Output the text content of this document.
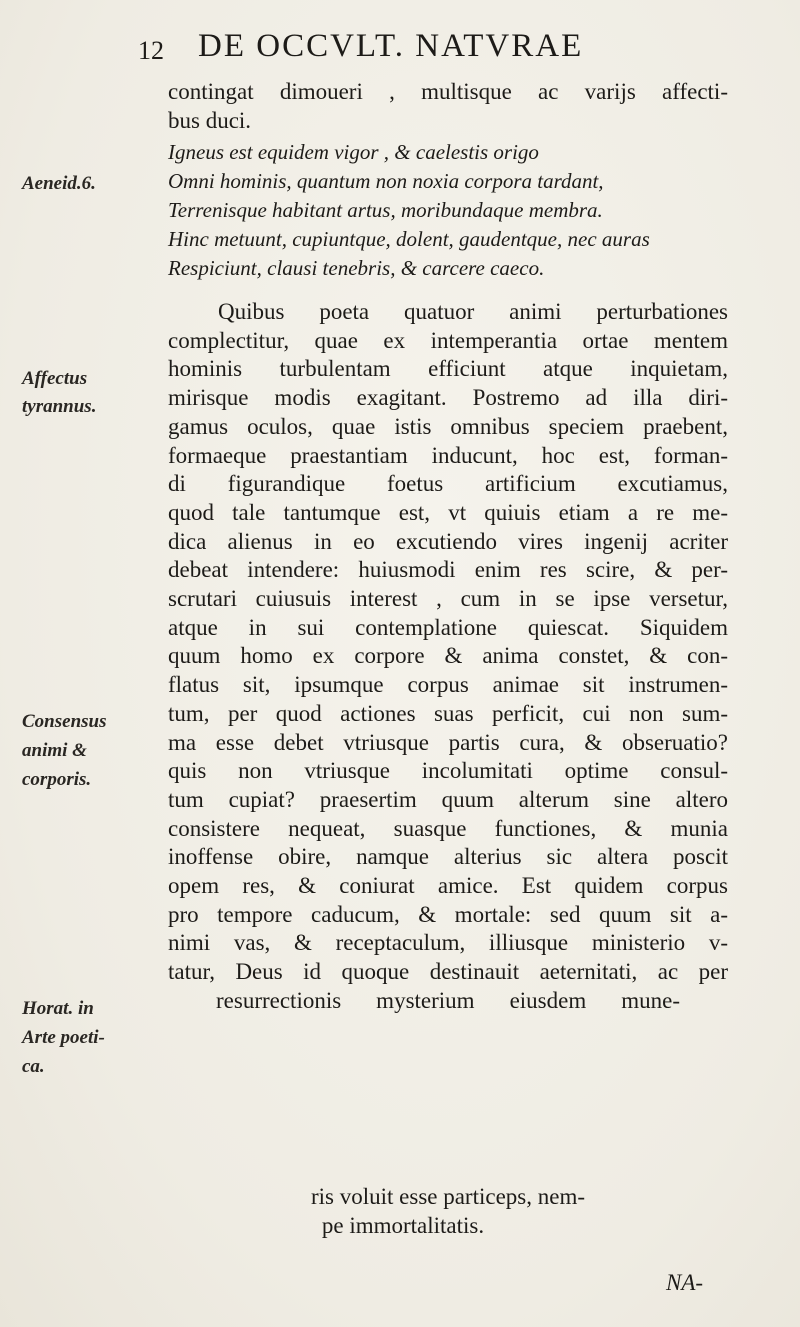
12 DE OCCVLT. NATVRAE
Aeneid.6.
Affectus
tyrannus.
Consensus
animi &
corporis.
Horat. in
Arte poeti-
ca.
contingat dimoueri , multisque ac varijs affecti-
bus duci.
Igneus est equidem vigor , & caelestis origo
Omni hominis, quantum non noxia corpora tardant,
Terrenisque habitant artus, moribundaque membra.
Hinc metuunt, cupiuntque, dolent, gaudentque, nec auras
Respiciunt, clausi tenebris, & carcere caeco.
Quibus poeta quatuor animi perturbationes
complectitur, quae ex intemperantia ortae mentem
hominis turbulentam efficiunt atque inquietam,
mirisque modis exagitant. Postremo ad illa diri-
gamus oculos, quae istis omnibus speciem praebent,
formaeque praestantiam inducunt, hoc est, forman-
di figurandique foetus artificium excutiamus,
quod tale tantumque est, vt quiuis etiam a re me-
dica alienus in eo excutiendo vires ingenij acriter
debeat intendere: huiusmodi enim res scire, & per-
scrutari cuiusuis interest , cum in se ipse versetur,
atque in sui contemplatione quiescat. Siquidem
quum homo ex corpore & anima constet, & con-
flatus sit, ipsumque corpus animae sit instrumen-
tum, per quod actiones suas perficit, cui non sum-
ma esse debet vtriusque partis cura, & obseruatio?
quis non vtriusque incolumitati optime consul-
tum cupiat? praesertim quum alterum sine altero
consistere nequeat, suasque functiones, & munia
inoffense obire, namque alterius sic altera poscit
opem res, & coniurat amice. Est quidem corpus
pro tempore caducum, & mortale: sed quum sit a-
nimi vas, & receptaculum, illiusque ministerio v-
tatur, Deus id quoque destinauit aeternitati, ac per
resurrectionis mysterium eiusdem mune-
ris voluit esse particeps, nem-
pe immortalitatis.
NA-
